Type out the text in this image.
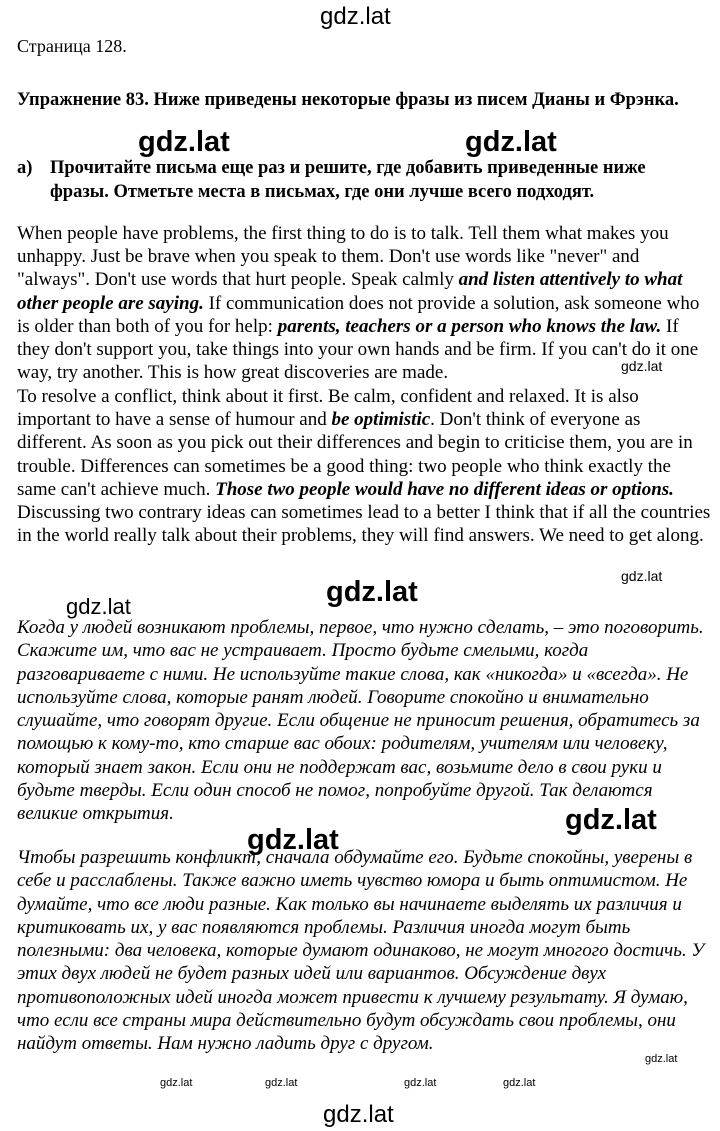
gdz.lat
gdz.lat	gdz.lat
gdz.lat
gdz.lat
gdz.lat
gdz.lat
gdz.lat
gdz.lat
gdz.lat
gdz.lat	gdz.lat	gdz.lat	gdz.lat
gdz.lat
Страница 128.
Упражнение 83. Ниже приведены некоторые фразы из писем Дианы и Фрэнка.
а) Прочитайте письма еще раз и решите, где добавить приведенные ниже фразы. Отметьте места в письмах, где они лучше всего подходят.
When people have problems, the first thing to do is to talk. Tell them what makes you unhappy. Just be brave when you speak to them. Don't use words like "never" and "always". Don't use words that hurt people. Speak calmly and listen attentively to what other people are saying. If communication does not provide a solution, ask someone who is older than both of you for help: parents, teachers or a person who knows the law. If they don't support you, take things into your own hands and be firm. If you can't do it one way, try another. This is how great discoveries are made.
To resolve a conflict, think about it first. Be calm, confident and relaxed. It is also important to have a sense of humour and be optimistic. Don't think of everyone as different. As soon as you pick out their differences and begin to criticise them, you are in trouble. Differences can sometimes be a good thing: two people who think exactly the same can't achieve much. Those two people would have no different ideas or options. Discussing two contrary ideas can sometimes lead to a better I think that if all the countries in the world really talk about their problems, they will find answers. We need to get along.
Когда у людей возникают проблемы, первое, что нужно сделать, – это поговорить. Скажите им, что вас не устраивает. Просто будьте смелыми, когда разговариваете с ними. Не используйте такие слова, как «никогда» и «всегда». Не используйте слова, которые ранят людей. Говорите спокойно и внимательно слушайте, что говорят другие. Если общение не приносит решения, обратитесь за помощью к кому-то, кто старше вас обоих: родителям, учителям или человеку, который знает закон. Если они не поддержат вас, возьмите дело в свои руки и будьте тверды. Если один способ не помог, попробуйте другой. Так делаются великие открытия.
Чтобы разрешить конфликт, сначала обдумайте его. Будьте спокойны, уверены в себе и расслаблены. Также важно иметь чувство юмора и быть оптимистом. Не думайте, что все люди разные. Как только вы начинаете выделять их различия и критиковать их, у вас появляются проблемы. Различия иногда могут быть полезными: два человека, которые думают одинаково, не могут многого достичь. У этих двух людей не будет разных идей или вариантов. Обсуждение двух противоположных идей иногда может привести к лучшему результату. Я думаю, что если все страны мира действительно будут обсуждать свои проблемы, они найдут ответы. Нам нужно ладить друг с другом.
